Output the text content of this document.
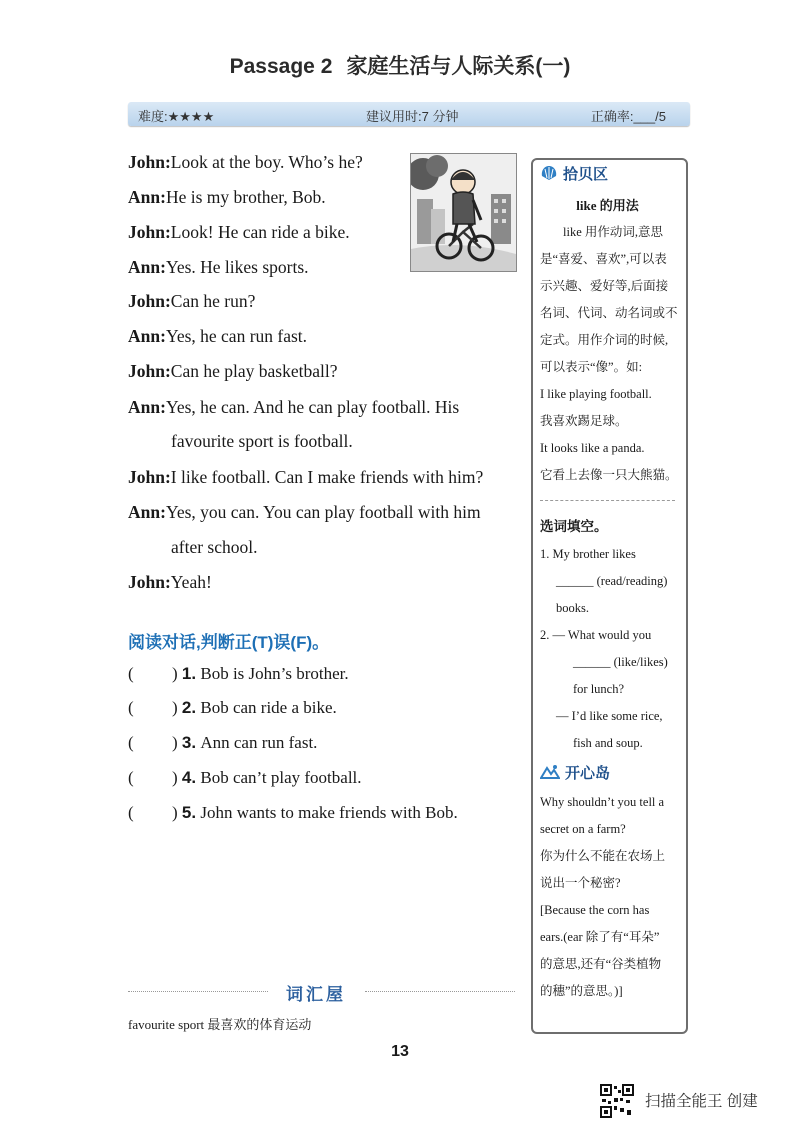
Passage 2 家庭生活与人际关系(一)
难度:★★★★	建议用时:7 分钟	正确率:___/5
John:Look at the boy. Who’s he?
Ann:He is my brother, Bob.
John:Look! He can ride a bike.
Ann:Yes. He likes sports.
John:Can he run?
Ann:Yes, he can run fast.
John:Can he play basketball?
Ann:Yes, he can. And he can play football. His
favourite sport is football.
John:I like football. Can I make friends with him?
Ann:Yes, you can. You can play football with him
after school.
John:Yeah!
阅读对话,判断正(T)误(F)。
( ) 1. Bob is John’s brother.
( ) 2. Bob can ride a bike.
( ) 3. Ann can run fast.
( ) 4. Bob can’t play football.
( ) 5. John wants to make friends with Bob.
词汇屋
favourite sport 最喜欢的体育运动
13
拾贝区
like 的用法
like 用作动词,意思
是“喜爱、喜欢”,可以表
示兴趣、爱好等,后面接
名词、代词、动名词或不
定式。用作介词的时候,
可以表示“像”。如:
I like playing football.
我喜欢踢足球。
It looks like a panda.
它看上去像一只大熊猫。
选词填空。
1. My brother likes
______ (read/reading)
books.
2. — What would you
______ (like/likes)
for lunch?
— I’d like some rice,
fish and soup.
开心岛
Why shouldn’t you tell a
secret on a farm?
你为什么不能在农场上
说出一个秘密?
[Because the corn has
ears.(ear 除了有“耳朵”
的意思,还有“谷类植物
的穗”的意思。)]
扫描全能王 创建
